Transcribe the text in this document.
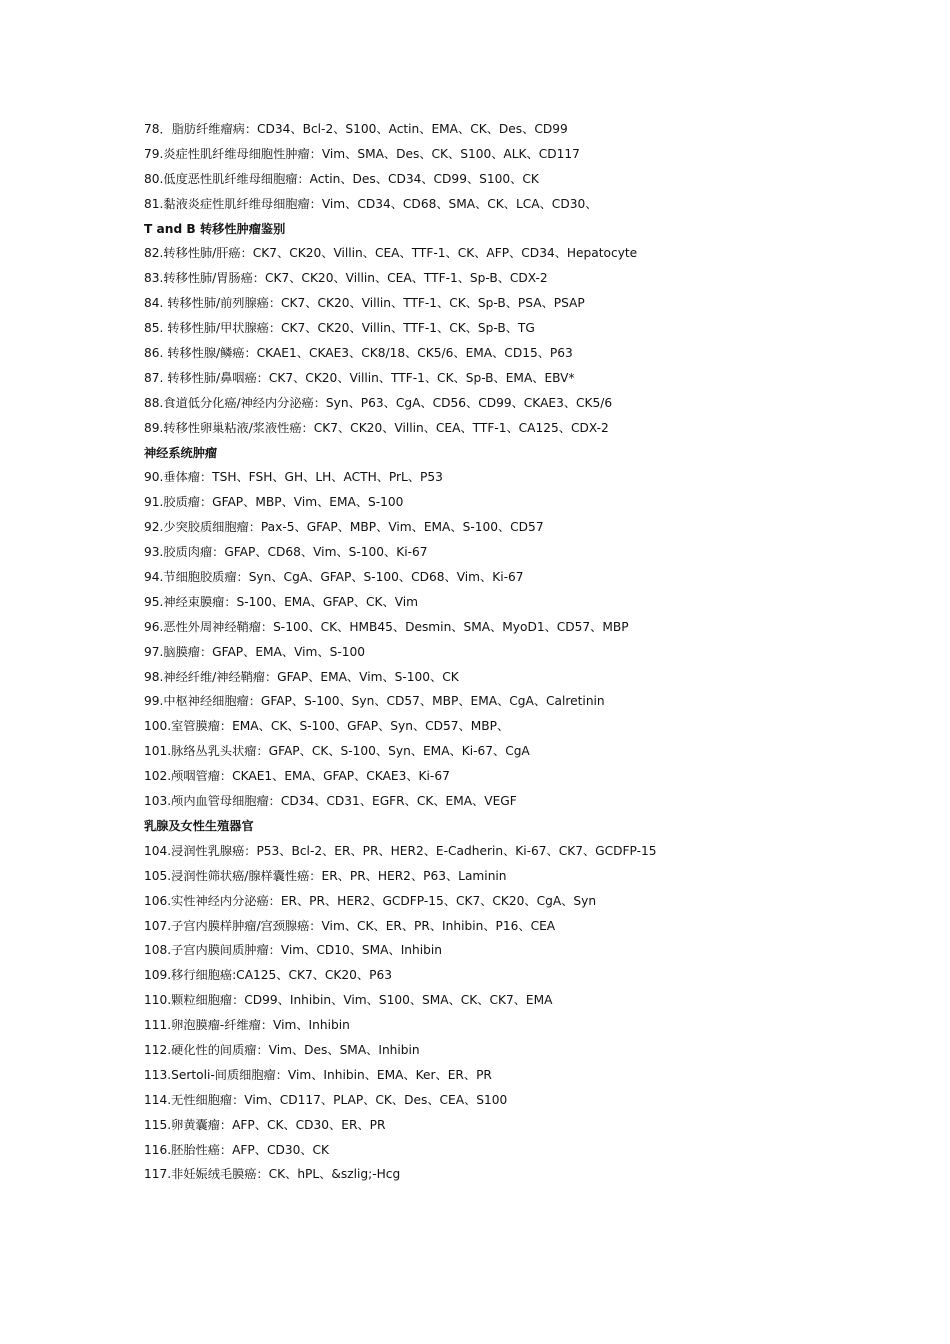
78．脂肪纤维瘤病：CD34、Bcl-2、S100、Actin、EMA、CK、Des、CD99
79.炎症性肌纤维母细胞性肿瘤：Vim、SMA、Des、CK、S100、ALK、CD117
80.低度恶性肌纤维母细胞瘤：Actin、Des、CD34、CD99、S100、CK
81.黏液炎症性肌纤维母细胞瘤：Vim、CD34、CD68、SMA、CK、LCA、CD30、
T and B 转移性肿瘤鉴别
82.转移性肺/肝癌：CK7、CK20、Villin、CEA、TTF-1、CK、AFP、CD34、Hepatocyte
83.转移性肺/胃肠癌：CK7、CK20、Villin、CEA、TTF-1、Sp-B、CDX-2
84. 转移性肺/前列腺癌：CK7、CK20、Villin、TTF-1、CK、Sp-B、PSA、PSAP
85. 转移性肺/甲状腺癌：CK7、CK20、Villin、TTF-1、CK、Sp-B、TG
86. 转移性腺/鳞癌：CKAE1、CKAE3、CK8/18、CK5/6、EMA、CD15、P63
87. 转移性肺/鼻咽癌：CK7、CK20、Villin、TTF-1、CK、Sp-B、EMA、EBV*
88.食道低分化癌/神经内分泌癌：Syn、P63、CgA、CD56、CD99、CKAE3、CK5/6
89.转移性卵巢粘液/浆液性癌：CK7、CK20、Villin、CEA、TTF-1、CA125、CDX-2
神经系统肿瘤
90.垂体瘤：TSH、FSH、GH、LH、ACTH、PrL、P53
91.胶质瘤：GFAP、MBP、Vim、EMA、S-100
92.少突胶质细胞瘤：Pax-5、GFAP、MBP、Vim、EMA、S-100、CD57
93.胶质肉瘤：GFAP、CD68、Vim、S-100、Ki-67
94.节细胞胶质瘤：Syn、CgA、GFAP、S-100、CD68、Vim、Ki-67
95.神经束膜瘤：S-100、EMA、GFAP、CK、Vim
96.恶性外周神经鞘瘤：S-100、CK、HMB45、Desmin、SMA、MyoD1、CD57、MBP
97.脑膜瘤：GFAP、EMA、Vim、S-100
98.神经纤维/神经鞘瘤：GFAP、EMA、Vim、S-100、CK
99.中枢神经细胞瘤：GFAP、S-100、Syn、CD57、MBP、EMA、CgA、Calretinin
100.室管膜瘤：EMA、CK、S-100、GFAP、Syn、CD57、MBP、
101.脉络丛乳头状瘤：GFAP、CK、S-100、Syn、EMA、Ki-67、CgA
102.颅咽管瘤：CKAE1、EMA、GFAP、CKAE3、Ki-67
103.颅内血管母细胞瘤：CD34、CD31、EGFR、CK、EMA、VEGF
乳腺及女性生殖器官
104.浸润性乳腺癌：P53、Bcl-2、ER、PR、HER2、E-Cadherin、Ki-67、CK7、GCDFP-15
105.浸润性筛状癌/腺样囊性癌：ER、PR、HER2、P63、Laminin
106.实性神经内分泌癌：ER、PR、HER2、GCDFP-15、CK7、CK20、CgA、Syn
107.子宫内膜样肿瘤/宫颈腺癌：Vim、CK、ER、PR、Inhibin、P16、CEA
108.子宫内膜间质肿瘤：Vim、CD10、SMA、Inhibin
109.移行细胞癌:CA125、CK7、CK20、P63
110.颗粒细胞瘤：CD99、Inhibin、Vim、S100、SMA、CK、CK7、EMA
111.卵泡膜瘤-纤维瘤：Vim、Inhibin
112.硬化性的间质瘤：Vim、Des、SMA、Inhibin
113.Sertoli-间质细胞瘤：Vim、Inhibin、EMA、Ker、ER、PR
114.无性细胞瘤：Vim、CD117、PLAP、CK、Des、CEA、S100
115.卵黄囊瘤：AFP、CK、CD30、ER、PR
116.胚胎性癌：AFP、CD30、CK
117.非妊娠绒毛膜癌：CK、hPL、&szlig;-Hcg
